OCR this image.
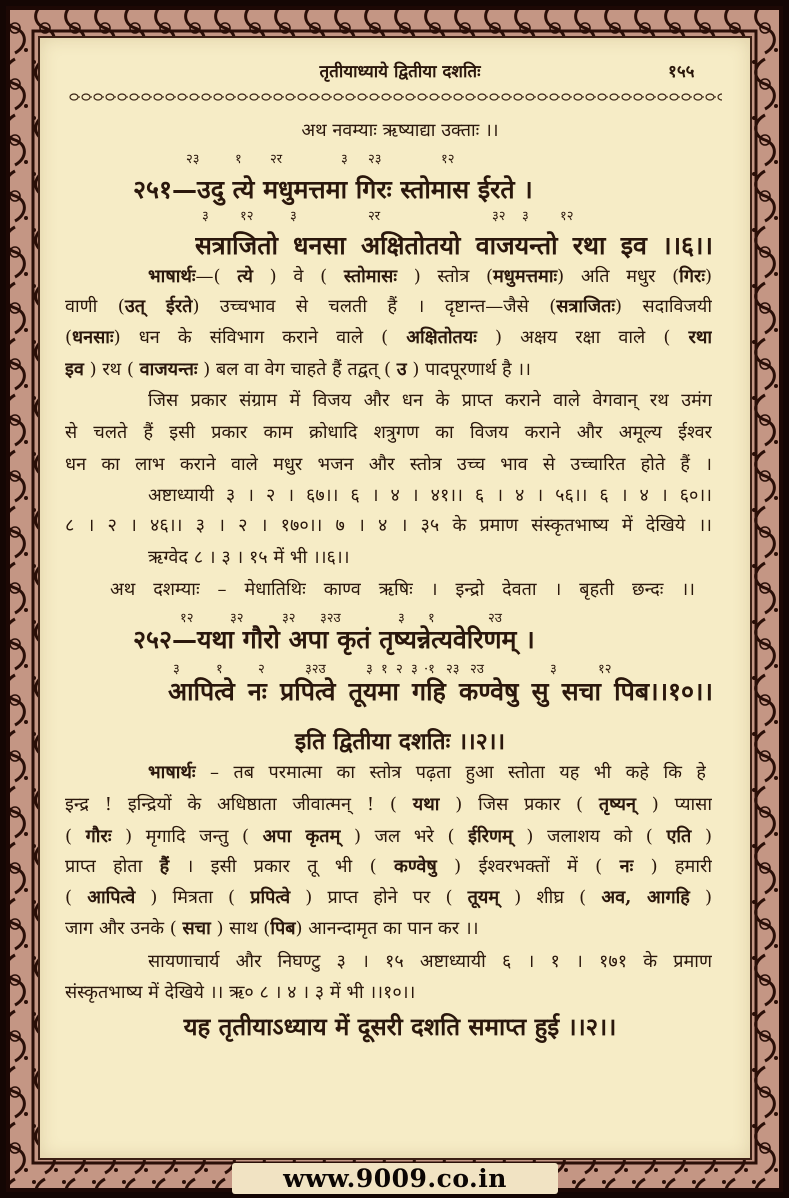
तृतीयाध्याये द्वितीया दशतिः	१५५
अथ नवम्याः ऋष्याद्या उक्ताः ।।
२३	१ २र	३ २३	१२
२५१—उदु त्ये मधुमत्तमा गिरः स्तोमास ईरते ।
३ १२	३	२र	३२ ३ १२
सत्राजितो धनसा अक्षितोतयो वाजयन्तो रथा इव ।।६।।
भाषार्थः—( त्ये ) वे ( स्तोमासः ) स्तोत्र (मधुमत्तमाः) अति मधुर (गिरः)
वाणी (उत् ईरते) उच्चभाव से चलती हैं । दृष्टान्त—जैसे (सत्राजितः) सदाविजयी
(धनसाः) धन के संविभाग कराने वाले ( अक्षितोतयः ) अक्षय रक्षा वाले ( रथा
इव ) रथ ( वाजयन्तः ) बल वा वेग चाहते हैं तद्वत् ( उ ) पादपूरणार्थ है ।।
जिस प्रकार संग्राम में विजय और धन के प्राप्त कराने वाले वेगवान् रथ उमंग
से चलते हैं इसी प्रकार काम क्रोधादि शत्रुगण का विजय कराने और अमूल्य ईश्वर
धन का लाभ कराने वाले मधुर भजन और स्तोत्र उच्च भाव से उच्चारित होते हैं ।
अष्टाध्यायी ३ । २ । ६७।। ६ । ४ । ४१।। ६ । ४ । ५६।। ६ । ४ । ६०।।
८ । २ । ४६।। ३ । २ । १७०।। ७ । ४ । ३५ के प्रमाण संस्कृतभाष्य में देखिये ।।
ऋग्वेद ८ । ३ । १५ में भी ।।६।।
अथ दशम्याः – मेधातिथिः काण्व ऋषिः । इन्द्रो देवता । बृहती छन्दः ।।
१२	३२	३२ ३२उ	३ १	२उ
२५२—यथा गौरो अपा कृतं तृष्यन्नेत्यवेरिणम् ।
३	१	२	३२उ	३ १ २ ३ ·१ २३ २उ	३	१२
आपित्वे नः प्रपित्वे तूयमा गहि कण्वेषु सु सचा पिब।।१०।।
इति द्वितीया दशतिः ।।२।।
भाषार्थः – तब परमात्मा का स्तोत्र पढ़ता हुआ स्तोता यह भी कहे कि हे
इन्द्र ! इन्द्रियों के अधिष्ठाता जीवात्मन् ! ( यथा ) जिस प्रकार ( तृष्यन् ) प्यासा
( गौरः ) मृगादि जन्तु ( अपा कृतम् ) जल भरे ( ईरिणम् ) जलाशय को ( एति )
प्राप्त होता हैं । इसी प्रकार तू भी ( कण्वेषु ) ईश्वरभक्तों में ( नः ) हमारी
( आपित्वे ) मित्रता ( प्रपित्वे ) प्राप्त होने पर ( तूयम् ) शीघ्र ( अव, आगहि )
जाग और उनके ( सचा ) साथ (पिब) आनन्दामृत का पान कर ।।
सायणाचार्य और निघण्टु ३ । १५ अष्टाध्यायी ६ । १ । १७१ के प्रमाण
संस्कृतभाष्य में देखिये ।। ऋ० ८ । ४ । ३ में भी ।।१०।।
यह तृतीयाऽध्याय में दूसरी दशति समाप्त हुई ।।२।।
www.9009.co.in
